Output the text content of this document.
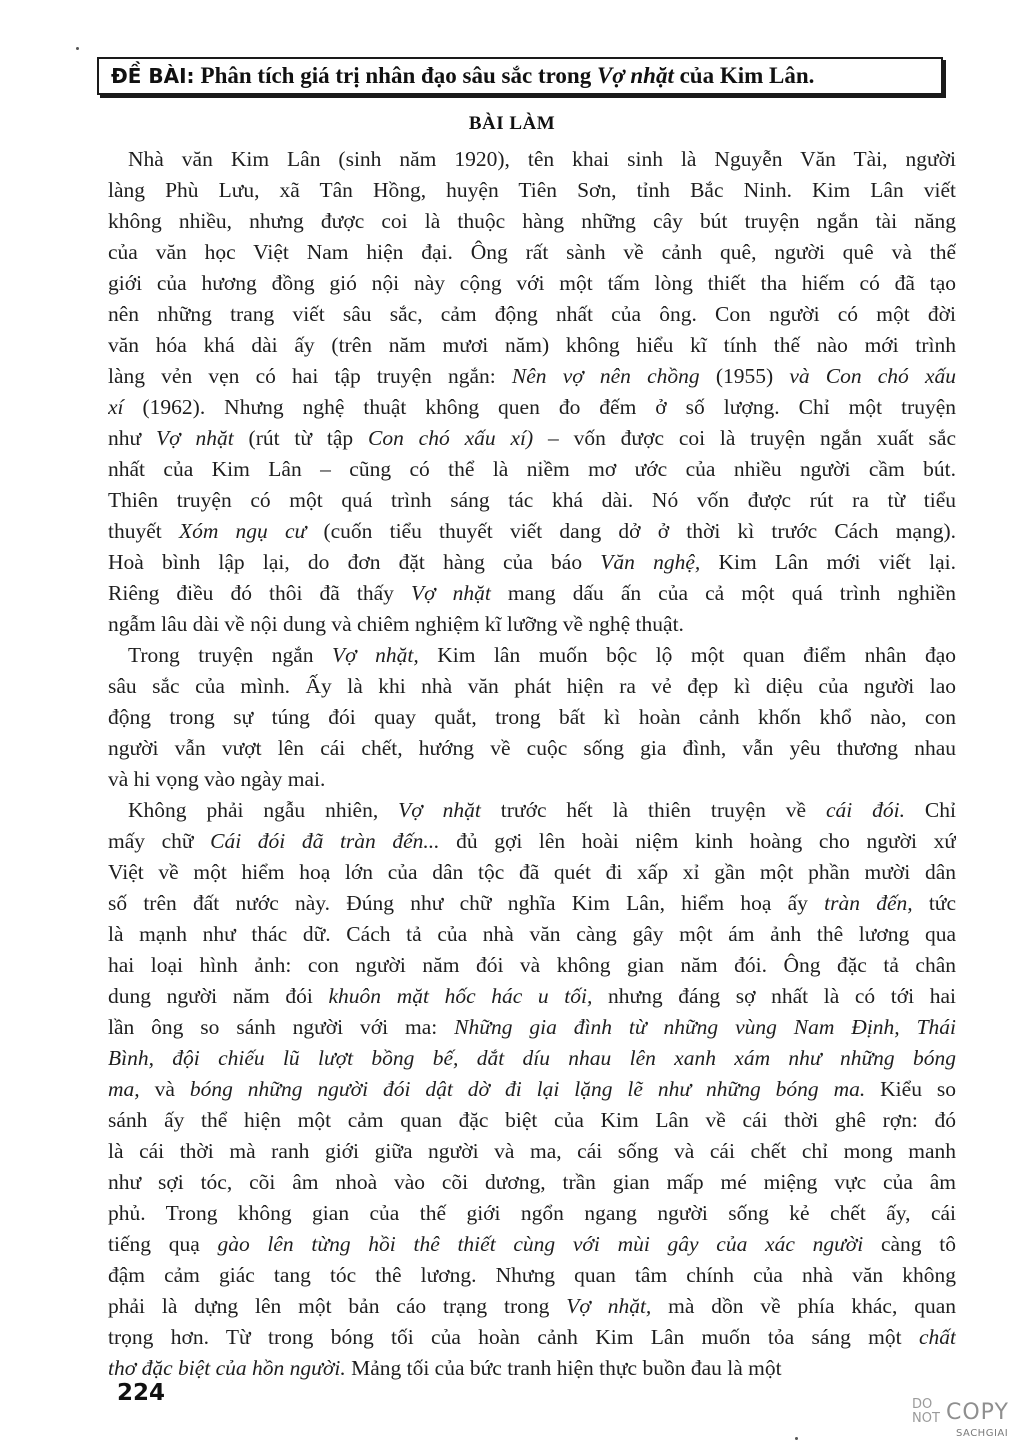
ĐỀ BÀI: Phân tích giá trị nhân đạo sâu sắc trong
Vợ nhặt
của Kim Lân.
BÀI LÀM
Nhà văn Kim Lân (sinh năm 1920), tên khai sinh là Nguyễn Văn Tài, người
làng Phù Lưu, xã Tân Hồng, huyện Tiên Sơn, tỉnh Bắc Ninh. Kim Lân viết
không nhiều, nhưng được coi là thuộc hàng những cây bút truyện ngắn tài năng
của văn học Việt Nam hiện đại. Ông rất sành về cảnh quê, người quê và thế
giới của hương đồng gió nội này cộng với một tấm lòng thiết tha hiếm có đã tạo
nên những trang viết sâu sắc, cảm động nhất của ông. Con người có một đời
văn hóa khá dài ấy (trên năm mươi năm) không hiểu kĩ tính thế nào mới trình
làng vẻn vẹn có hai tập truyện ngắn: Nên vợ nên chồng (1955) và Con chó xấu
xí (1962). Nhưng nghệ thuật không quen đo đếm ở số lượng. Chỉ một truyện
như Vợ nhặt (rút từ tập Con chó xấu xí) – vốn được coi là truyện ngắn xuất sắc
nhất của Kim Lân – cũng có thể là niềm mơ ước của nhiều người cầm bút.
Thiên truyện có một quá trình sáng tác khá dài. Nó vốn được rút ra từ tiểu
thuyết Xóm ngụ cư (cuốn tiểu thuyết viết dang dở ở thời kì trước Cách mạng).
Hoà bình lập lại, do đơn đặt hàng của báo Văn nghệ, Kim Lân mới viết lại.
Riêng điều đó thôi đã thấy Vợ nhặt mang dấu ấn của cả một quá trình nghiền
ngẫm lâu dài về nội dung và chiêm nghiệm kĩ lưỡng về nghệ thuật.
Trong truyện ngắn Vợ nhặt, Kim lân muốn bộc lộ một quan điểm nhân đạo
sâu sắc của mình. Ấy là khi nhà văn phát hiện ra vẻ đẹp kì diệu của người lao
động trong sự túng đói quay quắt, trong bất kì hoàn cảnh khốn khổ nào, con
người vẫn vượt lên cái chết, hướng về cuộc sống gia đình, vẫn yêu thương nhau
và hi vọng vào ngày mai.
Không phải ngẫu nhiên, Vợ nhặt trước hết là thiên truyện về cái đói. Chỉ
mấy chữ Cái đói đã tràn đến... đủ gợi lên hoài niệm kinh hoàng cho người xứ
Việt về một hiểm hoạ lớn của dân tộc đã quét đi xấp xỉ gần một phần mười dân
số trên đất nước này. Đúng như chữ nghĩa Kim Lân, hiểm hoạ ấy tràn đến, tức
là mạnh như thác dữ. Cách tả của nhà văn càng gây một ám ảnh thê lương qua
hai loại hình ảnh: con người năm đói và không gian năm đói. Ông đặc tả chân
dung người năm đói khuôn mặt hốc hác u tối, nhưng đáng sợ nhất là có tới hai
lần ông so sánh người với ma: Những gia đình từ những vùng Nam Định, Thái
Bình, đội chiếu lũ lượt bồng bế, dắt díu nhau lên xanh xám như những bóng
ma, và bóng những người đói dật dờ đi lại lặng lẽ như những bóng ma. Kiểu so
sánh ấy thể hiện một cảm quan đặc biệt của Kim Lân về cái thời ghê rợn: đó
là cái thời mà ranh giới giữa người và ma, cái sống và cái chết chỉ mong manh
như sợi tóc, cõi âm nhoà vào cõi dương, trần gian mấp mé miệng vực của âm
phủ. Trong không gian của thế giới ngổn ngang người sống kẻ chết ấy, cái
tiếng quạ gào lên từng hồi thê thiết cùng với mùi gây của xác người càng tô
đậm cảm giác tang tóc thê lương. Nhưng quan tâm chính của nhà văn không
phải là dựng lên một bản cáo trạng trong Vợ nhặt, mà dồn về phía khác, quan
trọng hơn. Từ trong bóng tối của hoàn cảnh Kim Lân muốn tỏa sáng một chất
thơ đặc biệt của hồn người. Mảng tối của bức tranh hiện thực buồn đau là một
224	DO
NOT COPY
SACHGIAI
